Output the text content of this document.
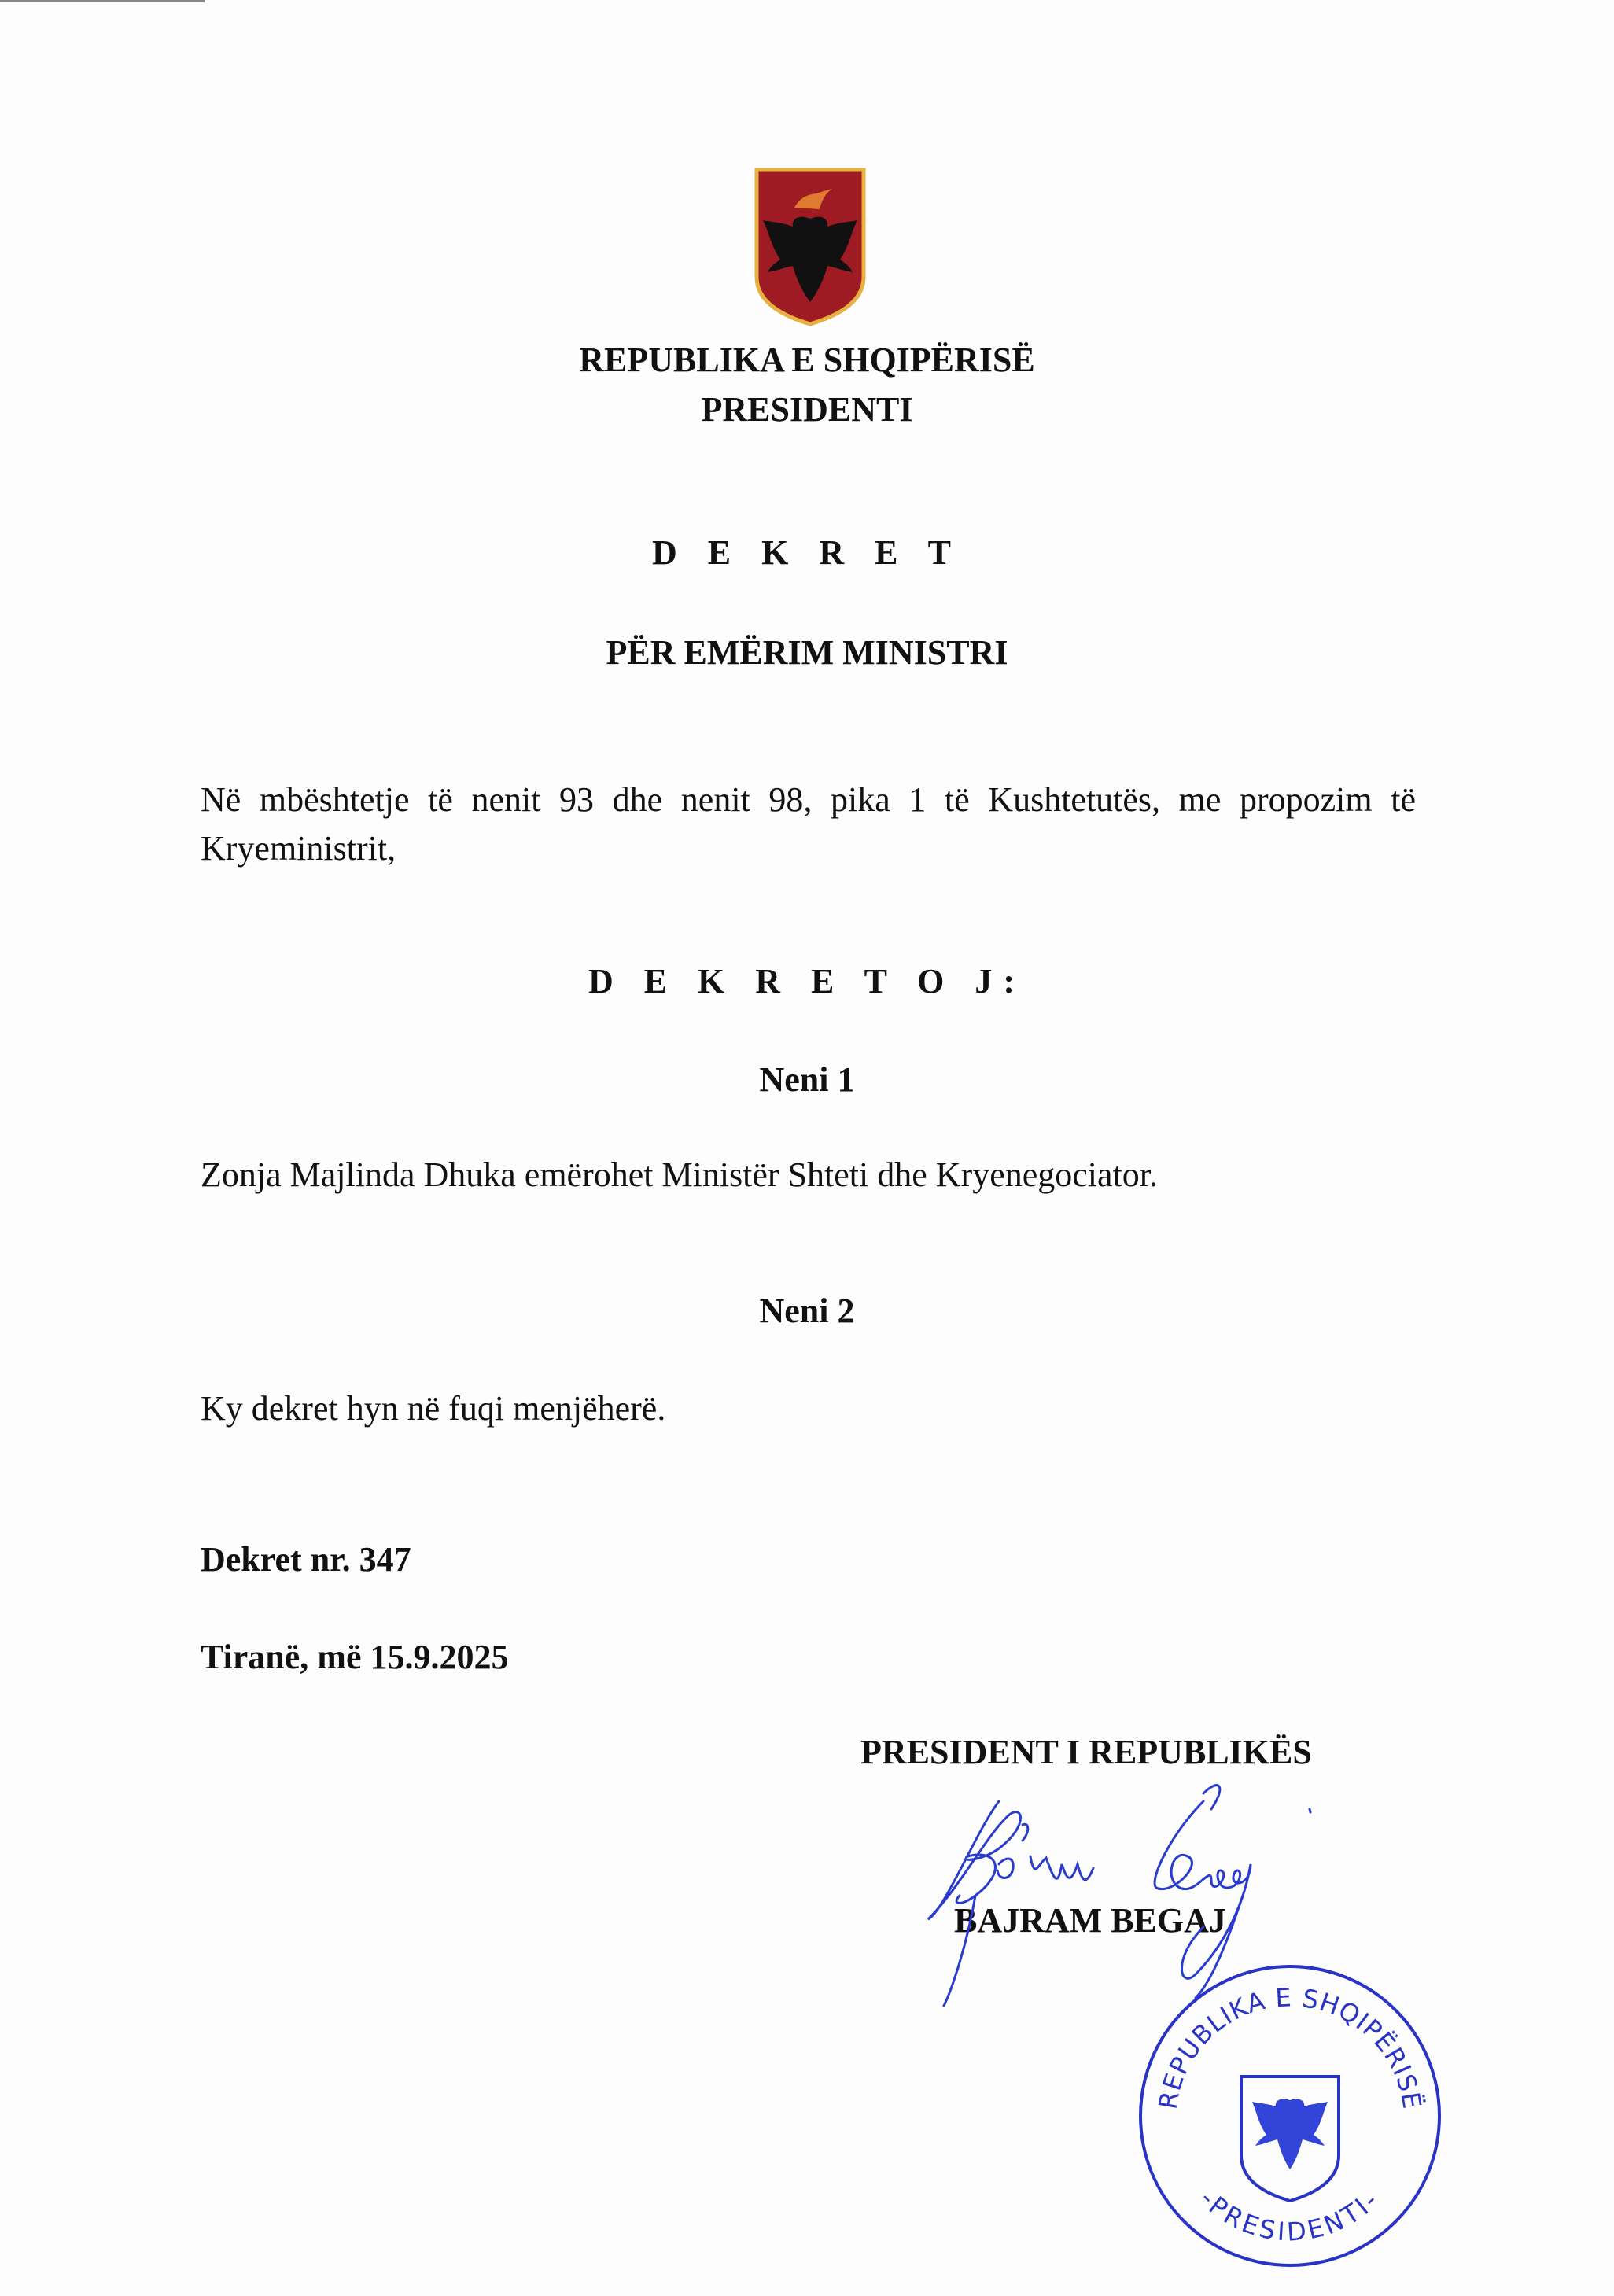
REPUBLIKA E SHQIPËRISË
PRESIDENTI
D E K R E T
PËR EMËRIM MINISTRI
Në mbështetje të nenit 93 dhe nenit 98, pika 1 të Kushtetutës, me propozim të Kryeministrit,
D E K R E T O J:
Neni 1
Zonja Majlinda Dhuka emërohet Ministër Shteti dhe Kryenegociator.
Neni 2
Ky dekret hyn në fuqi menjëherë.
Dekret nr. 347
Tiranë, më 15.9.2025
PRESIDENT I REPUBLIKËS
REPUBLIKA E SHQIPËRISË
-PRESIDENTI-
BAJRAM BEGAJ
